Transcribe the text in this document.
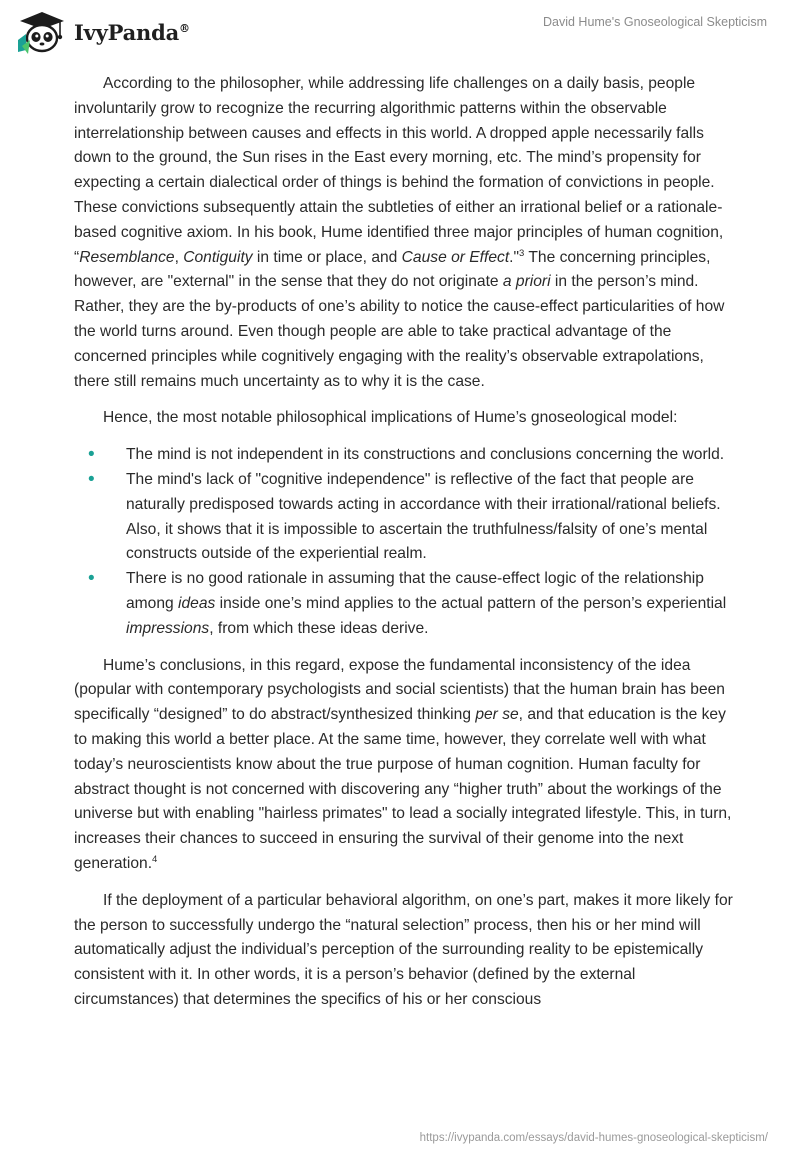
IvyPanda®	David Hume's Gnoseological Skepticism

According to the philosopher, while addressing life challenges on a daily basis, people involuntarily grow to recognize the recurring algorithmic patterns within the observable interrelationship between causes and effects in this world. A dropped apple necessarily falls down to the ground, the Sun rises in the East every morning, etc. The mind’s propensity for expecting a certain dialectical order of things is behind the formation of convictions in people. These convictions subsequently attain the subtleties of either an irrational belief or a rationale-based cognitive axiom. In his book, Hume identified three major principles of human cognition, “Resemblance, Contiguity in time or place, and Cause or Effect."$^3$ The concerning principles, however, are "external" in the sense that they do not originate a priori in the person’s mind. Rather, they are the by-products of one’s ability to notice the cause-effect particularities of how the world turns around. Even though people are able to take practical advantage of the concerned principles while cognitively engaging with the reality’s observable extrapolations, there still remains much uncertainty as to why it is the case.

Hence, the most notable philosophical implications of Hume’s gnoseological model:

• The mind is not independent in its constructions and conclusions concerning the world.
• The mind's lack of "cognitive independence" is reflective of the fact that people are naturally predisposed towards acting in accordance with their irrational/rational beliefs. Also, it shows that it is impossible to ascertain the truthfulness/falsity of one’s mental constructs outside of the experiential realm.
• There is no good rationale in assuming that the cause-effect logic of the relationship among ideas inside one’s mind applies to the actual pattern of the person’s experiential impressions, from which these ideas derive.

Hume’s conclusions, in this regard, expose the fundamental inconsistency of the idea (popular with contemporary psychologists and social scientists) that the human brain has been specifically “designed” to do abstract/synthesized thinking per se, and that education is the key to making this world a better place. At the same time, however, they correlate well with what today’s neuroscientists know about the true purpose of human cognition. Human faculty for abstract thought is not concerned with discovering any “higher truth” about the workings of the universe but with enabling "hairless primates" to lead a socially integrated lifestyle. This, in turn, increases their chances to succeed in ensuring the survival of their genome into the next generation.$^4$

If the deployment of a particular behavioral algorithm, on one’s part, makes it more likely for the person to successfully undergo the “natural selection” process, then his or her mind will automatically adjust the individual’s perception of the surrounding reality to be epistemically consistent with it. In other words, it is a person’s behavior (defined by the external circumstances) that determines the specifics of his or her conscious

https://ivypanda.com/essays/david-humes-gnoseological-skepticism/
